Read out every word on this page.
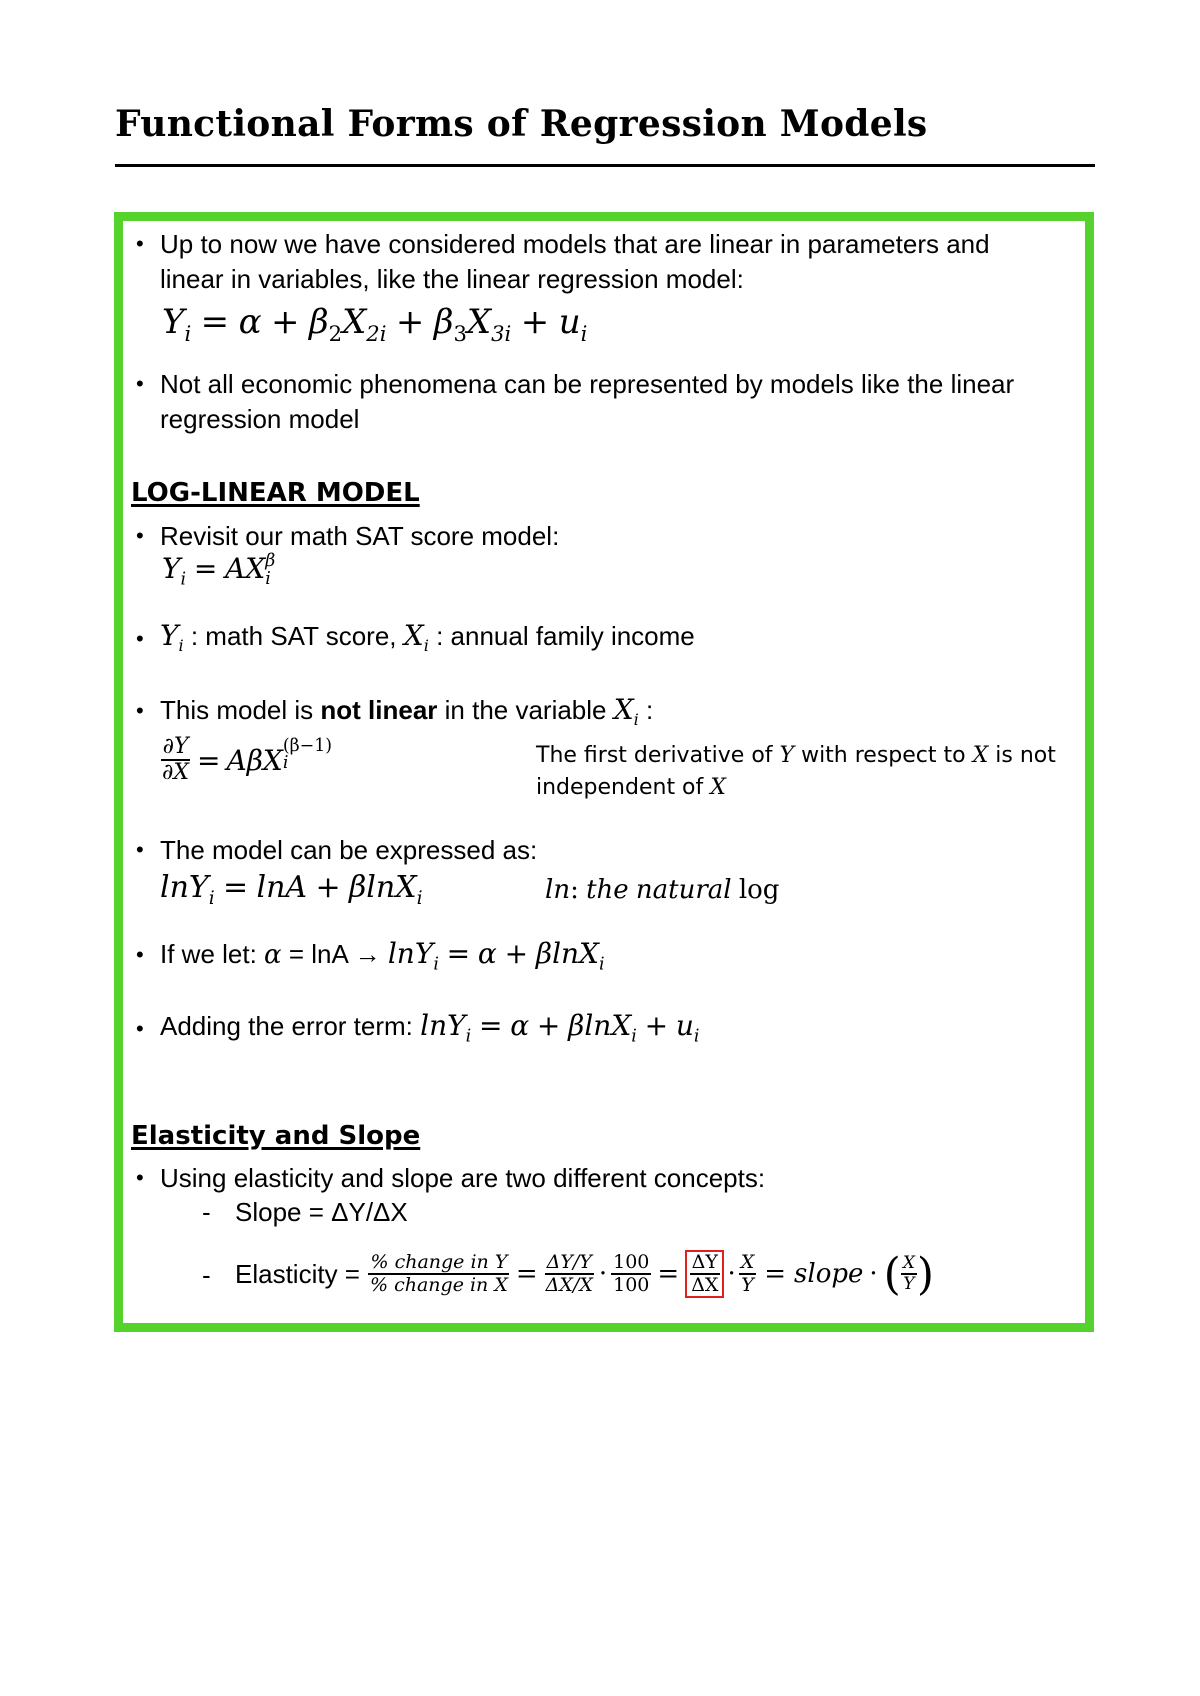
Functional Forms of Regression Models
• Up to now we have considered models that are linear in parameters and
linear in variables, like the linear regression model:
$Y_i = \alpha + \beta_2X_{2i} + \beta_3X_{3i} + u_i$
• Not all economic phenomena can be represented by models like the linear
regression model
LOG-LINEAR MODEL
• Revisit our math SAT score model:
$Y_i$ = AX β
i
• $Y_i$ : math SAT score, $X_i$ : annual family income
• This model is not linear in the variable $X_i$ :
$\frac{\partial Y}{\partial X} = A\beta X$ (β−1)
i	The first derivative of Y with respect to X is not
independent of X
• The model can be expressed as:
lnY$_i$ = lnA + βlnX$_i$	ln: the natural log
• If we let: α = lnA → lnY$_i$ = α + βlnX$_i$
• Adding the error term: $\ln Y_i = \alpha + \beta\ln X_i + u_i$
Elasticity and Slope
• Using elasticity and slope are two different concepts:
- Slope = ΔY/ΔX
- Elasticity = $\frac{\text{\% change in Y}}{\text{\% change in X}} = \frac{\Delta Y/Y}{\Delta X/X} \cdot \frac{100}{100} = \frac{\Delta Y}{\Delta X} \cdot \frac{X}{Y}$ = slope · ( $\frac{X}{Y}$ )
